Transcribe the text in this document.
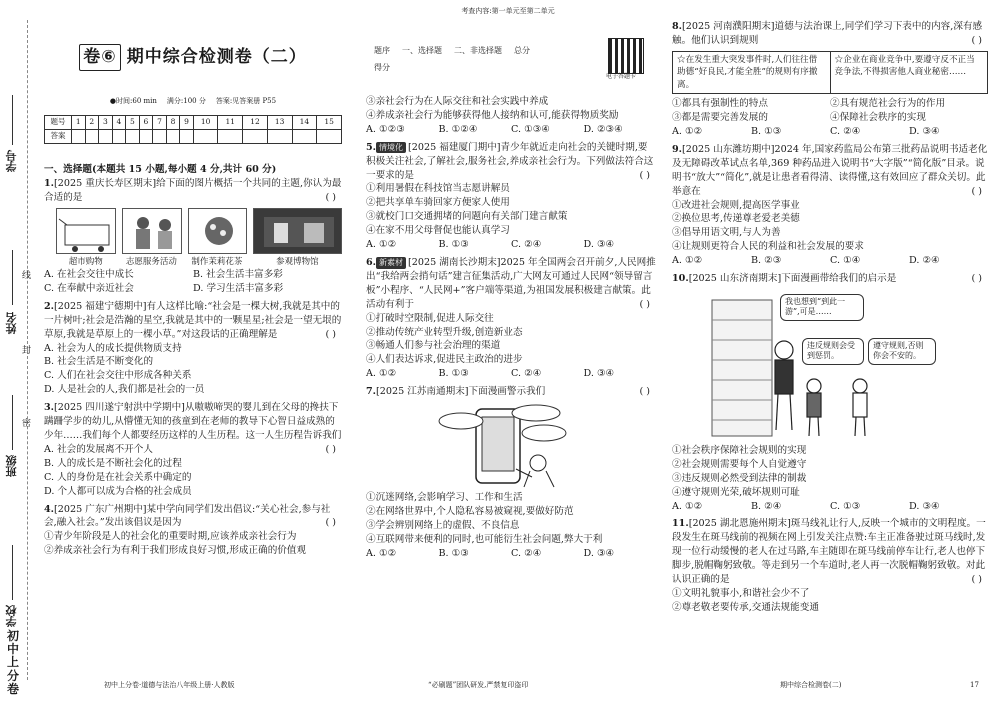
学号
线
姓名
封
密
班级
学校
初中
上分卷
卷⑥ 期中综合检测卷（二）
●时间:60 min 满分:100 分 答案:见答案册 P55
题号	1	2	3	4	5	6	7	8	9	10	11	12	13	14	15
答案															
一、选择题(本题共 15 小题,每小题 4 分,共计 60 分)

1.[2025 重庆长寿区期末]给下面的图片概括一个共同的主题,你认为最合适的是	( )

超市购物	志愿服务活动	制作茉莉花茶	参观博物馆
A. 在社会交往中成长	B. 社会生活丰富多彩
C. 在奉献中亲近社会	D. 学习生活丰富多彩

2.[2025 福建宁德期中]有人这样比喻:“社会是一棵大树,我就是其中的一片树叶;社会是浩瀚的星空,我就是其中的一颗星星;社会是一望无垠的草原,我就是草原上的一棵小草。”对这段话的正确理解是	( )

A. 社会为人的成长提供物质支持

B. 社会生活是不断变化的

C. 人们在社会交往中形成各种关系

D. 人是社会的人,我们都是社会的一员

3.[2025 四川遂宁射洪中学期中]从嗷嗷啼哭的婴儿到在父母的搀扶下蹒跚学步的幼儿,从懵懂无知的孩童到在老师的教导下心智日益成熟的少年……我们每个人都要经历这样的人生历程。这一人生历程告诉我们
( )

A. 社会的发展离不开个人

B. 人的成长是不断社会化的过程

C. 人的身份是在社会关系中确定的

D. 个人都可以成为合格的社会成员

4.[2025 广东广州期中]某中学向同学们发出倡议:“关心社会,参与社会,融入社会。”发出该倡议是因为	( )

①青少年阶段是人的社会化的重要时期,应该养成亲社会行为

②养成亲社会行为有利于我们形成良好习惯,形成正确的价值观

初中上分卷·道德与法治八年级上册·人教版
考查内容:第一单元至第二单元
题序	一、选择题	二、非选择题	总分
得分			
电子答题卡

③亲社会行为在人际交往和社会实践中养成

④养成亲社会行为能够获得他人接纳和认可,能获得物质奖励

A. ①②③	B. ①②④	C. ①③④	D. ②③④

5. 情境化 [2025 福建厦门期中]青少年就近走向社会的关键时期,要积极关注社会,了解社会,服务社会,养成亲社会行为。下列做法符合这一要求的是	( )

①利用暑假在科技馆当志愿讲解员

②把共享单车骑回家方便家人使用

③就校门口交通拥堵的问题向有关部门建言献策

④在家不用父母督促也能认真学习

A. ①②	B. ①③	C. ②④	D. ③④

6. 新素材 [2025 湖南长沙期末]2025 年全国两会召开前夕,人民网推出“我给两会捎句话”建言征集活动,广大网友可通过人民网“领导留言板”小程序、“人民网+”客户端等渠道,为祖国发展积极建言献策。此活动有利于	( )

①打破时空限制,促进人际交往

②推动传统产业转型升级,创造新业态

③畅通人们参与社会治理的渠道

④人们表达诉求,促进民主政治的进步

A. ①②	B. ①③	C. ②④	D. ③④

7.[2025 江苏南通期末]下面漫画警示我们	( )

①沉迷网络,会影响学习、工作和生活

②在网络世界中,个人隐私容易被窥视,要做好防范

③学会辨别网络上的虚假、不良信息

④互联网带来便利的同时,也可能衍生社会问题,弊大于利

A. ①②	B. ①③	C. ②④	D. ③④
“必刷题”团队研发,严禁复印盗印

8.[2025 河南濮阳期末]道德与法治课上,同学们学习下表中的内容,深有感触。他们认识到规则	( )

☆在发生重大突发事件时,人们往往借助德“好良民,才能全胜”的规则有序撤离。	☆企业在商业竞争中,要遵守反不正当竞争法,不得损害他人商业秘密……
①都具有强制性的特点	②具有规范社会行为的作用
③都是需要完善发展的	④保障社会秩序的实现
A. ①②	B. ①③	C. ②④	D. ③④

9.[2025 山东潍坊期中]2024 年,国家药监局公布第三批药品说明书适老化及无障碍改革试点名单,369 种药品进入说明书“大字版”“简化版”目录。说明书“放大”“简化”,就是让患者看得清、读得懂,这有效回应了群众关切。此举意在	( )

①改进社会规则,提高医学事业

②换位思考,传递尊老爱老美德

③倡导用语文明,与人为善

④让规则更符合人民的利益和社会发展的要求

A. ①②	B. ②③	C. ①④	D. ②④

10.[2025 山东济南期末]下面漫画带给我们的启示是	( )

我也想到“到此一游”,可是……
违反规则会受到惩罚。
遵守规则,否则你会不安的。

①社会秩序保障社会规则的实现

②社会规则需要每个人自觉遵守

③违反规则必然受到法律的制裁

④遵守规则光荣,破坏规则可耻

A. ①②	B. ②④	C. ①③	D. ③④

11.[2025 湖北恩施州期末]斑马线礼让行人,反映一个城市的文明程度。一段发生在斑马线前的视频在网上引发关注点赞:车主正准备驶过斑马线时,发现一位行动缓慢的老人在过马路,车主随即在斑马线前停车让行,老人也停下脚步,脱帽鞠躬致敬。等走到另一个车道时,老人再一次脱帽鞠躬致敬。对此认识正确的是	( )

①文明礼貌事小,和谐社会少不了

②尊老敬老要传承,交通法规能变通

期中综合检测卷(二)	17
